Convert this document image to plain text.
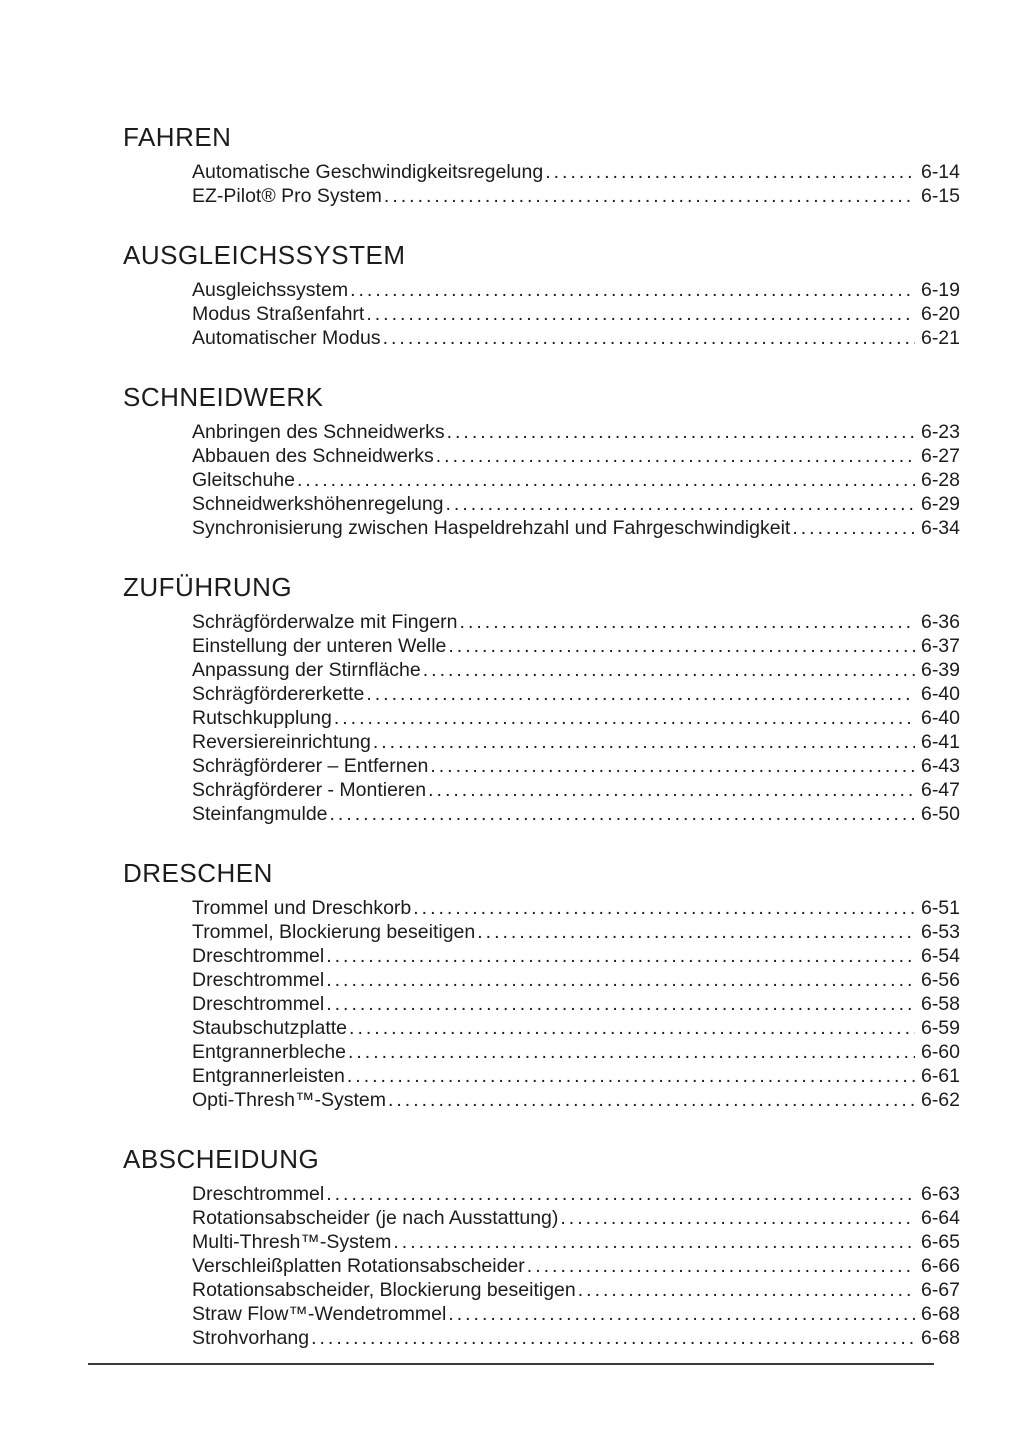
FAHREN
Automatische Geschwindigkeitsregelung .....	6-14
EZ-Pilot® Pro System .....	6-15
AUSGLEICHSSYSTEM
Ausgleichssystem .....	6-19
Modus Straßenfahrt .....	6-20
Automatischer Modus .....	6-21
SCHNEIDWERK
Anbringen des Schneidwerks .....	6-23
Abbauen des Schneidwerks .....	6-27
Gleitschuhe .....	6-28
Schneidwerkshöhenregelung .....	6-29
Synchronisierung zwischen Haspeldrehzahl und Fahrgeschwindigkeit .....	6-34
ZUFÜHRUNG
Schrägförderwalze mit Fingern .....	6-36
Einstellung der unteren Welle .....	6-37
Anpassung der Stirnfläche .....	6-39
Schrägfördererkette .....	6-40
Rutschkupplung .....	6-40
Reversiereinrichtung .....	6-41
Schrägförderer – Entfernen .....	6-43
Schrägförderer - Montieren .....	6-47
Steinfangmulde .....	6-50
DRESCHEN
Trommel und Dreschkorb .....	6-51
Trommel, Blockierung beseitigen .....	6-53
Dreschtrommel .....	6-54
Dreschtrommel .....	6-56
Dreschtrommel .....	6-58
Staubschutzplatte .....	6-59
Entgrannerbleche .....	6-60
Entgrannerleisten .....	6-61
Opti-Thresh™-System .....	6-62
ABSCHEIDUNG
Dreschtrommel .....	6-63
Rotationsabscheider (je nach Ausstattung) .....	6-64
Multi-Thresh™-System .....	6-65
Verschleißplatten Rotationsabscheider .....	6-66
Rotationsabscheider, Blockierung beseitigen .....	6-67
Straw Flow™-Wendetrommel .....	6-68
Strohvorhang .....	6-68
